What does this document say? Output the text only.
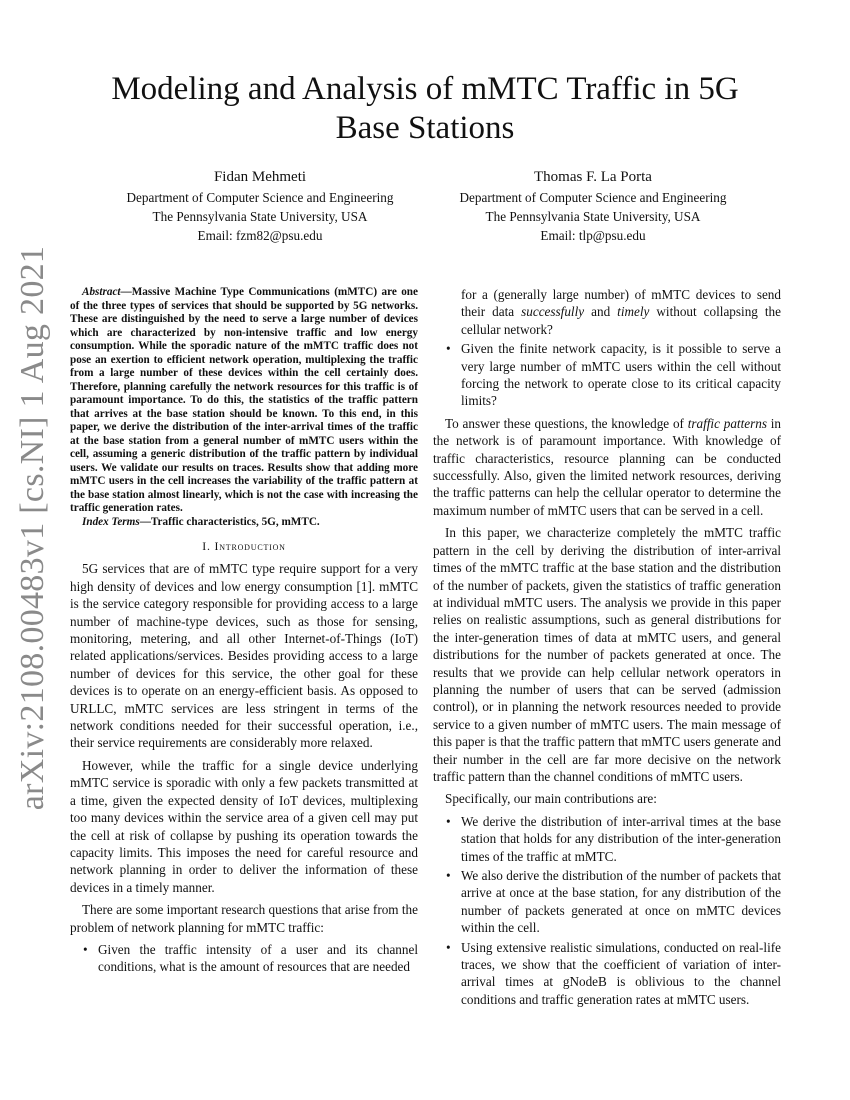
arXiv:2108.00483v1 [cs.NI] 1 Aug 2021
Modeling and Analysis of mMTC Traffic in 5G Base Stations
Fidan Mehmeti
Department of Computer Science and Engineering
The Pennsylvania State University, USA
Email: fzm82@psu.edu
Thomas F. La Porta
Department of Computer Science and Engineering
The Pennsylvania State University, USA
Email: tlp@psu.edu

Abstract—Massive Machine Type Communications (mMTC) are one of the three types of services that should be supported by 5G networks. These are distinguished by the need to serve a large number of devices which are characterized by non-intensive traffic and low energy consumption. While the sporadic nature of the mMTC traffic does not pose an exertion to efficient network operation, multiplexing the traffic from a large number of these devices within the cell certainly does. Therefore, planning carefully the network resources for this traffic is of paramount importance. To do this, the statistics of the traffic pattern that arrives at the base station should be known. To this end, in this paper, we derive the distribution of the inter-arrival times of the traffic at the base station from a general number of mMTC users within the cell, assuming a generic distribution of the traffic pattern by individual users. We validate our results on traces. Results show that adding more mMTC users in the cell increases the variability of the traffic pattern at the base station almost linearly, which is not the case with increasing the traffic generation rates.

Index Terms—Traffic characteristics, 5G, mMTC.

I. Introduction

5G services that are of mMTC type require support for a very high density of devices and low energy consumption [1]. mMTC is the service category responsible for providing access to a large number of machine-type devices, such as those for sensing, monitoring, metering, and all other Internet-of-Things (IoT) related applications/services. Besides providing access to a large number of devices for this service, the other goal for these devices is to operate on an energy-efficient basis. As opposed to URLLC, mMTC services are less stringent in terms of the network conditions needed for their successful operation, i.e., their service requirements are considerably more relaxed.

However, while the traffic for a single device underlying mMTC service is sporadic with only a few packets transmitted at a time, given the expected density of IoT devices, multiplexing too many devices within the service area of a given cell may put the cell at risk of collapse by pushing its operation towards the capacity limits. This imposes the need for careful resource and network planning in order to deliver the information of these devices in a timely manner.

There are some important research questions that arise from the problem of network planning for mMTC traffic:

• Given the traffic intensity of a user and its channel conditions, what is the amount of resources that are needed
for a (generally large number) of mMTC devices to send their data successfully and timely without collapsing the cellular network?
• Given the finite network capacity, is it possible to serve a very large number of mMTC users within the cell without forcing the network to operate close to its critical capacity limits?

To answer these questions, the knowledge of traffic patterns in the network is of paramount importance. With knowledge of traffic characteristics, resource planning can be conducted successfully. Also, given the limited network resources, deriving the traffic patterns can help the cellular operator to determine the maximum number of mMTC users that can be served in a cell.

In this paper, we characterize completely the mMTC traffic pattern in the cell by deriving the distribution of inter-arrival times of the mMTC traffic at the base station and the distribution of the number of packets, given the statistics of traffic generation at individual mMTC users. The analysis we provide in this paper relies on realistic assumptions, such as general distributions for the inter-generation times of data at mMTC users, and general distributions for the number of packets generated at once. The results that we provide can help cellular network operators in planning the number of users that can be served (admission control), or in planning the network resources needed to provide service to a given number of mMTC users. The main message of this paper is that the traffic pattern that mMTC users generate and their number in the cell are far more decisive on the network traffic pattern than the channel conditions of mMTC users.

Specifically, our main contributions are:

• We derive the distribution of inter-arrival times at the base station that holds for any distribution of the inter-generation times of the traffic at mMTC.
• We also derive the distribution of the number of packets that arrive at once at the base station, for any distribution of the number of packets generated at once on mMTC devices within the cell.
• Using extensive realistic simulations, conducted on real-life traces, we show that the coefficient of variation of inter-arrival times at gNodeB is oblivious to the channel conditions and traffic generation rates at mMTC users.
